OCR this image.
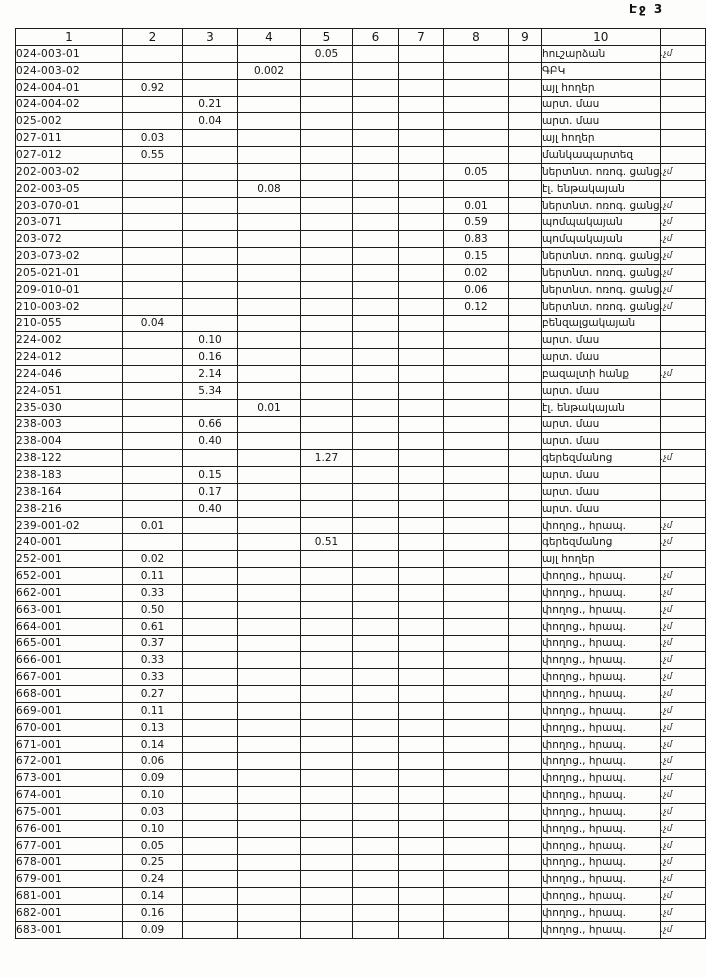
Էջ 3
1	2	3	4	5	6	7	8	9	10	
024-003-01				0.05					հուշարձան	.չմ
024-003-02			0.002						ԳԲԿ	
024-004-01	0.92								այլ հողեր	
024-004-02		0.21							արտ. մաս	
025-002		0.04							արտ. մաս	
027-011	0.03								այլ հողեր	
027-012	0.55								մանկապարտեզ	
202-003-02							0.05		ներտնտ. ոռոգ. ցանց	.չմ
202-003-05			0.08						էլ. ենթակայան	
203-070-01							0.01		ներտնտ. ոռոգ. ցանց	.չմ
203-071							0.59		պոմպակայան	.չմ
203-072							0.83		պոմպակայան	.չմ
203-073-02							0.15		ներտնտ. ոռոգ. ցանց	.չմ
205-021-01							0.02		ներտնտ. ոռոգ. ցանց	.չմ
209-010-01							0.06		ներտնտ. ոռոգ. ցանց	.չմ
210-003-02							0.12		ներտնտ. ոռոգ. ցանց	.չմ
210-055	0.04								բենզալցակայան	
224-002		0.10							արտ. մաս	
224-012		0.16							արտ. մաս	
224-046		2.14							բազալտի հանք	.չմ
224-051		5.34							արտ. մաս	
235-030			0.01						էլ. ենթակայան	
238-003		0.66							արտ. մաս	
238-004		0.40							արտ. մաս	
238-122				1.27					գերեզմանոց	.չմ
238-183		0.15							արտ. մաս	
238-164		0.17							արտ. մաս	
238-216		0.40							արտ. մաս	
239-001-02	0.01								փողոց., հրապ.	.չմ
240-001				0.51					գերեզմանոց	.չմ
252-001	0.02								այլ հողեր	
652-001	0.11								փողոց., հրապ.	.չմ
662-001	0.33								փողոց., հրապ.	.չմ
663-001	0.50								փողոց., հրապ.	.չմ
664-001	0.61								փողոց., հրապ.	.չմ
665-001	0.37								փողոց., հրապ.	.չմ
666-001	0.33								փողոց., հրապ.	.չմ
667-001	0.33								փողոց., հրապ.	.չմ
668-001	0.27								փողոց., հրապ.	.չմ
669-001	0.11								փողոց., հրապ.	.չմ
670-001	0.13								փողոց., հրապ.	.չմ
671-001	0.14								փողոց., հրապ.	.չմ
672-001	0.06								փողոց., հրապ.	.չմ
673-001	0.09								փողոց., հրապ.	.չմ
674-001	0.10								փողոց., հրապ.	.չմ
675-001	0.03								փողոց., հրապ.	.չմ
676-001	0.10								փողոց., հրապ.	.չմ
677-001	0.05								փողոց., հրապ.	.չմ
678-001	0.25								փողոց., հրապ.	.չմ
679-001	0.24								փողոց., հրապ.	.չմ
681-001	0.14								փողոց., հրապ.	.չմ
682-001	0.16								փողոց., հրապ.	.չմ
683-001	0.09								փողոց., հրապ.	.չմ
